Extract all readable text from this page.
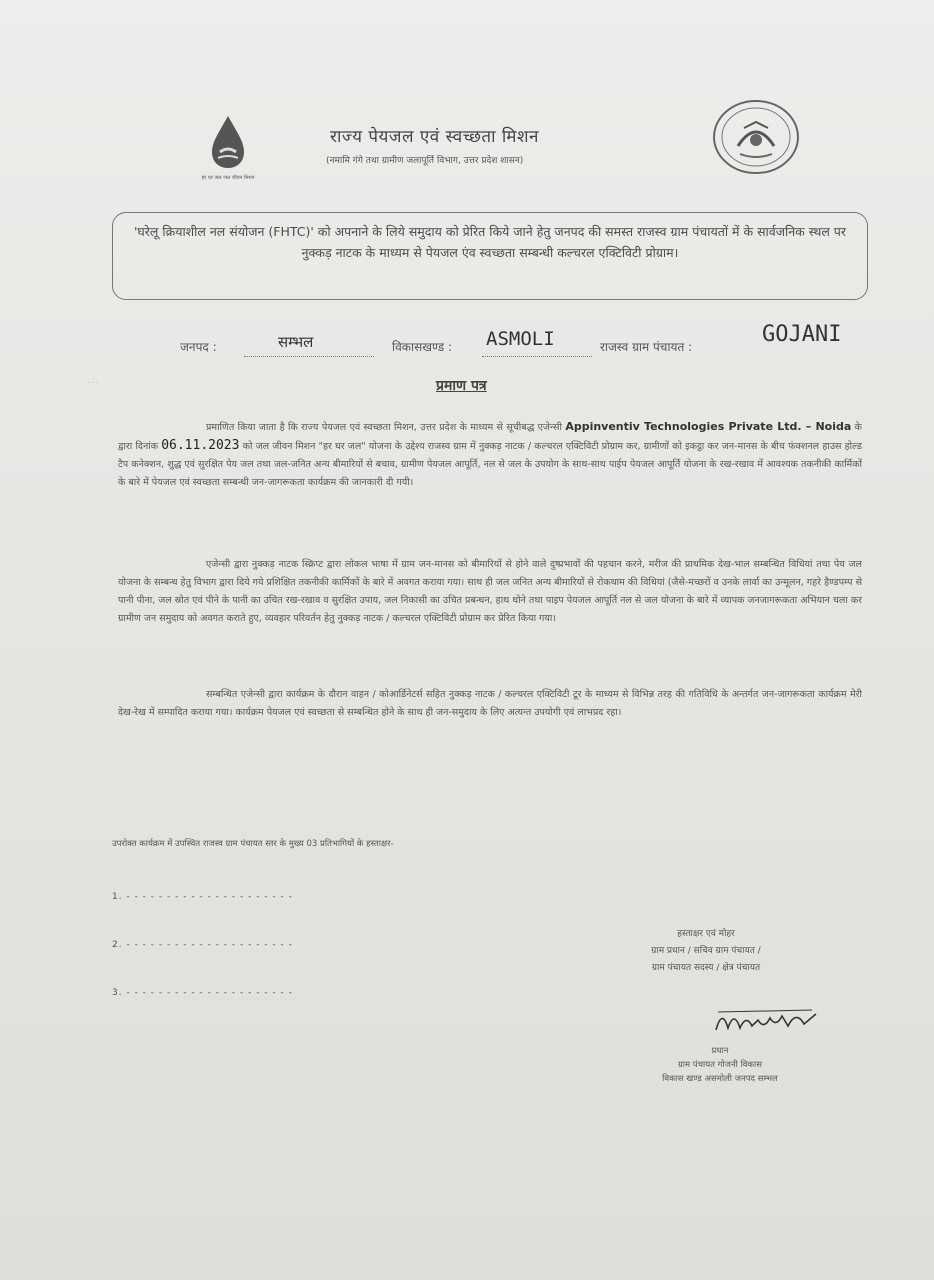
हर घर जल जल जीवन मिशन
राज्य पेयजल एवं स्वच्छता मिशन
(नमामि गंगे तथा ग्रामीण जलापूर्ति विभाग, उत्तर प्रदेश शासन)
'घरेलू क्रियाशील नल संयोजन (FHTC)' को अपनाने के लिये समुदाय को प्रेरित किये जाने हेतु जनपद की समस्त राजस्व ग्राम पंचायतों में के सार्वजनिक स्थल पर नुक्कड़ नाटक के माध्यम से पेयजल एंव स्वच्छता सम्बन्धी कल्चरल एक्टिविटी प्रोग्राम।
जनपद :	सम्भल	विकासखण्ड : ASMOLI	राजस्व ग्राम पंचायत :	GOJANI
· · ·	प्रमाण पत्र
प्रमाणित किया जाता है कि राज्य पेयजल एवं स्वच्छता मिशन, उत्तर प्रदेश के माध्यम से सूचीबद्ध एजेन्सी Appinventiv Technologies Private Ltd. – Noida के द्वारा दिनांक 06.11.2023 को जल जीवन मिशन "हर घर जल" योजना के उद्देश्य राजस्व ग्राम में नुक्कड़ नाटक / कल्चरल एक्टिविटी प्रोग्राम कर, ग्रामीणों को इकट्ठा कर जन-मानस के बीच फंक्शनल हाउस होल्ड टैप कनेक्शन, शुद्ध एवं सुरक्षित पेय जल तथा जल-जनित अन्य बीमारियों से बचाव, ग्रामीण पेयजल आपूर्ति, नल से जल के उपयोग के साथ-साथ पाईप पेयजल आपूर्ति योजना के रख-रखाव में आवश्यक तकनीकी कार्मिकों के बारे में पेयजल एवं स्वच्छता सम्बन्धी जन-जागरूकता कार्यक्रम की जानकारी दी गयी।
एजेन्सी द्वारा नुक्कड़ नाटक स्क्रिप्ट द्वारा लोकल भाषा में ग्राम जन-मानस को बीमारियों से होने वाले दुष्प्रभावों की पहचान करने, मरीज की प्राथमिक देख-भाल सम्बन्धित विधियां तथा पेय जल योजना के सम्बन्ध हेतु विभाग द्वारा दिये गये प्रशिक्षित तकनीकी कार्मिकों के बारे में अवगत कराया गया। साथ ही जल जनित अन्य बीमारियों से रोकथाम की विधियां (जैसे-मच्छरों व उनके लार्वा का उन्मूलन, गहरे हैण्डपम्प से पानी पीना, जल स्रोत एवं पीने के पानी का उचित रख-रखाव व सुरक्षित उपाय, जल निकासी का उचित प्रबन्धन, हाथ धोने तथा पाइप पेयजल आपूर्ति नल से जल योजना के बारे में व्यापक जनजागरूकता अभियान चला कर ग्रामीण जन समुदाय को अवगत कराते हुए, व्यवहार परिवर्तन हेतु नुक्कड़ नाटक / कल्चरल एक्टिविटी प्रोग्राम कर प्रेरित किया गया।
सम्बन्धित एजेन्सी द्वारा कार्यक्रम के दौरान वाहन / कोआर्डिनेटर्स सहित नुक्कड़ नाटक / कल्चरल एक्टिविटी टूर के माध्यम से विभिन्न तरह की गतिविधि के अन्तर्गत जन-जागरूकता कार्यक्रम मेरी देख-रेख में सम्पादित कराया गया। कार्यक्रम पेयजल एवं स्वच्छता से सम्बन्धित होने के साथ ही जन-समुदाय के लिए अत्यन्त उपयोगी एवं लाभप्रद रहा।
उपरोक्त कार्यक्रम में उपस्थित राजस्व ग्राम पंचायत स्तर के मुख्य 03 प्रतिभागियों के हस्ताक्षर-
1. - - - - - - - - - - - - - - - - - - - - -
2. - - - - - - - - - - - - - - - - - - - - -
3. - - - - - - - - - - - - - - - - - - - - -
हस्ताक्षर एवं मोहर
ग्राम प्रधान / सचिव ग्राम पंचायत /
ग्राम पंचायत सदस्य / क्षेत्र पंचायत
मौश्वती
प्रधान
ग्राम पंचायत गोजनी विकास
विकास खण्ड असमोली जनपद सम्भल
